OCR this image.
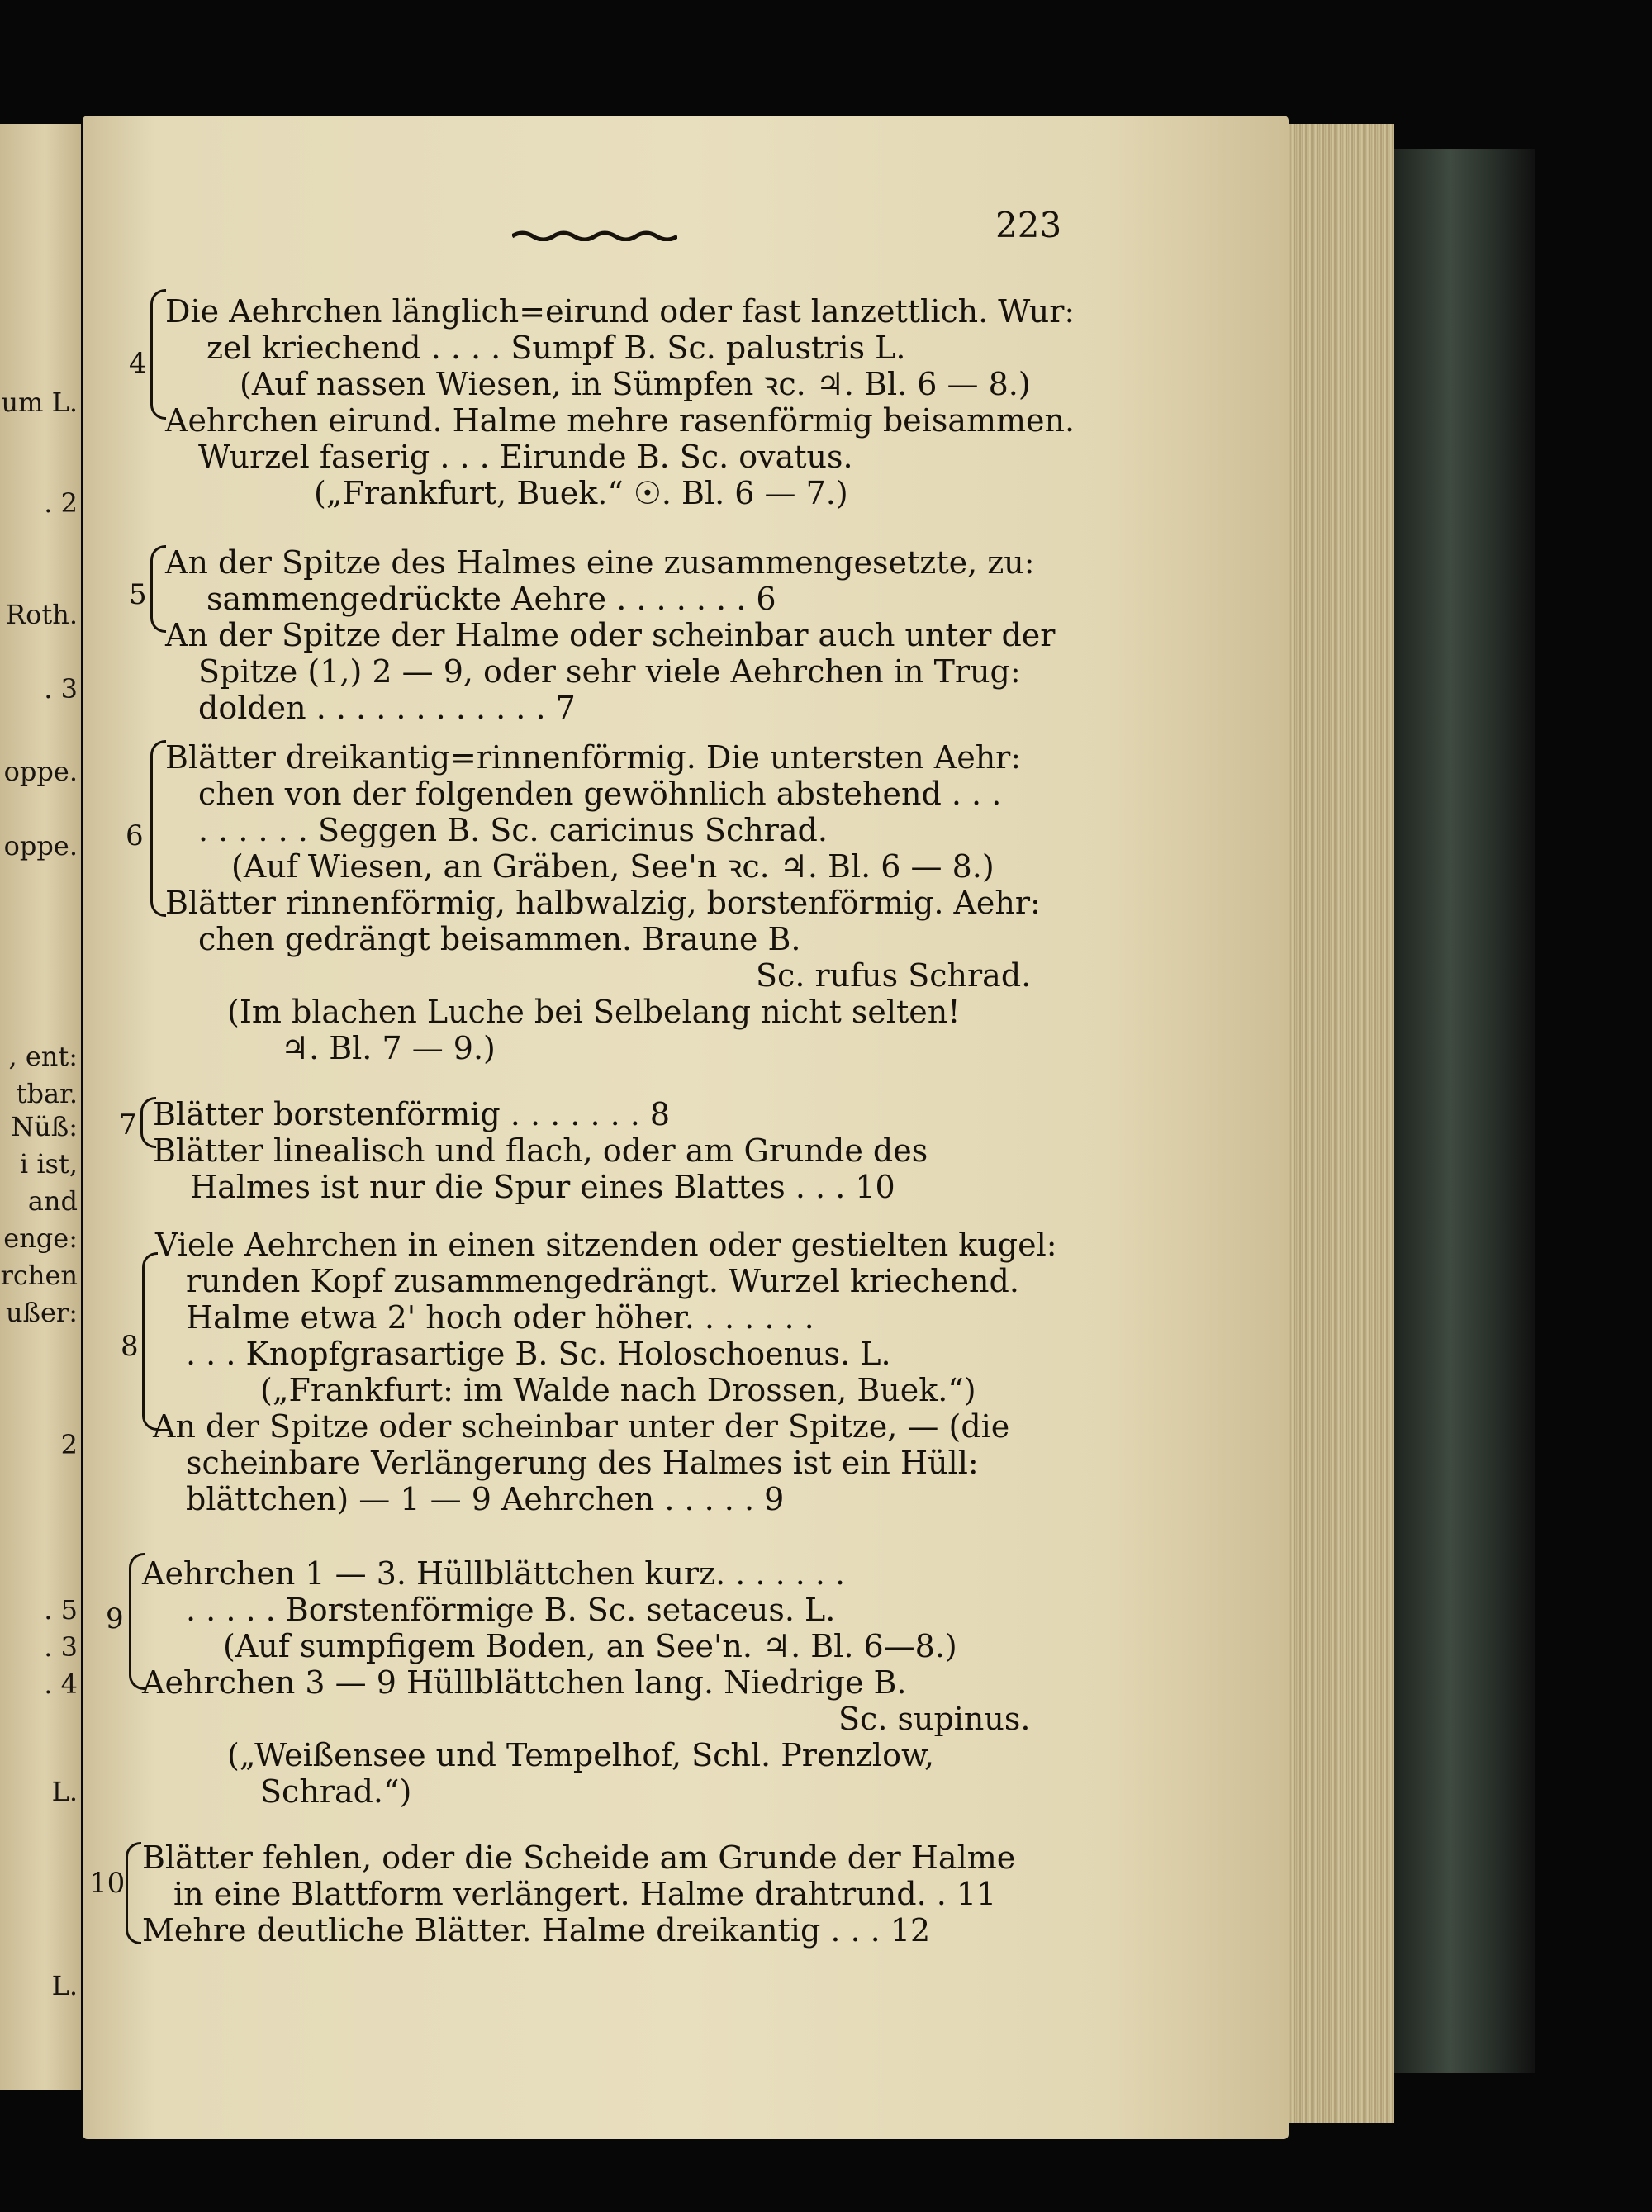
um L.
. 2
Roth.
. 3
oppe.
oppe.
, ent:
tbar.
Nüß:
i ist,
and
enge:
rchen
ußer:
2
. 5
. 3
. 4
L.
L.
223
4
Die Aehrchen länglich=eirund oder fast lanzettlich. Wur:
zel kriechend . . . . Sumpf B. Sc. palustris L.
(Auf nassen Wiesen, in Sümpfen ꝛc. ♃. Bl. 6 — 8.)
Aehrchen eirund. Halme mehre rasenförmig beisammen.
Wurzel faserig . . . Eirunde B. Sc. ovatus.
(„Frankfurt, Buek.“ ☉. Bl. 6 — 7.)
5
An der Spitze des Halmes eine zusammengesetzte, zu:
sammengedrückte Aehre . . . . . . . 6
An der Spitze der Halme oder scheinbar auch unter der
Spitze (1,) 2 — 9, oder sehr viele Aehrchen in Trug:
dolden . . . . . . . . . . . . 7
6
Blätter dreikantig=rinnenförmig. Die untersten Aehr:
chen von der folgenden gewöhnlich abstehend . . .
. . . . . . Seggen B. Sc. caricinus Schrad.
(Auf Wiesen, an Gräben, See'n ꝛc. ♃. Bl. 6 — 8.)
Blätter rinnenförmig, halbwalzig, borstenförmig. Aehr:
chen gedrängt beisammen. Braune B.
Sc. rufus Schrad.
(Im blachen Luche bei Selbelang nicht selten!
♃. Bl. 7 — 9.)
7 Blätter borstenförmig . . . . . . . 8
Blätter linealisch und flach, oder am Grunde des
Halmes ist nur die Spur eines Blattes . . . 10
8
Viele Aehrchen in einen sitzenden oder gestielten kugel:
runden Kopf zusammengedrängt. Wurzel kriechend.
Halme etwa 2' hoch oder höher. . . . . . .
. . . Knopfgrasartige B. Sc. Holoschoenus. L.
(„Frankfurt: im Walde nach Drossen, Buek.“)
An der Spitze oder scheinbar unter der Spitze, — (die
scheinbare Verlängerung des Halmes ist ein Hüll:
blättchen) — 1 — 9 Aehrchen . . . . . 9
9
Aehrchen 1 — 3. Hüllblättchen kurz. . . . . . .
. . . . . Borstenförmige B. Sc. setaceus. L.
(Auf sumpfigem Boden, an See'n. ♃. Bl. 6—8.)
Aehrchen 3 — 9 Hüllblättchen lang. Niedrige B.
Sc. supinus.
(„Weißensee und Tempelhof, Schl. Prenzlow,
Schrad.“)
10
Blätter fehlen, oder die Scheide am Grunde der Halme
in eine Blattform verlängert. Halme drahtrund. . 11
Mehre deutliche Blätter. Halme dreikantig . . . 12
